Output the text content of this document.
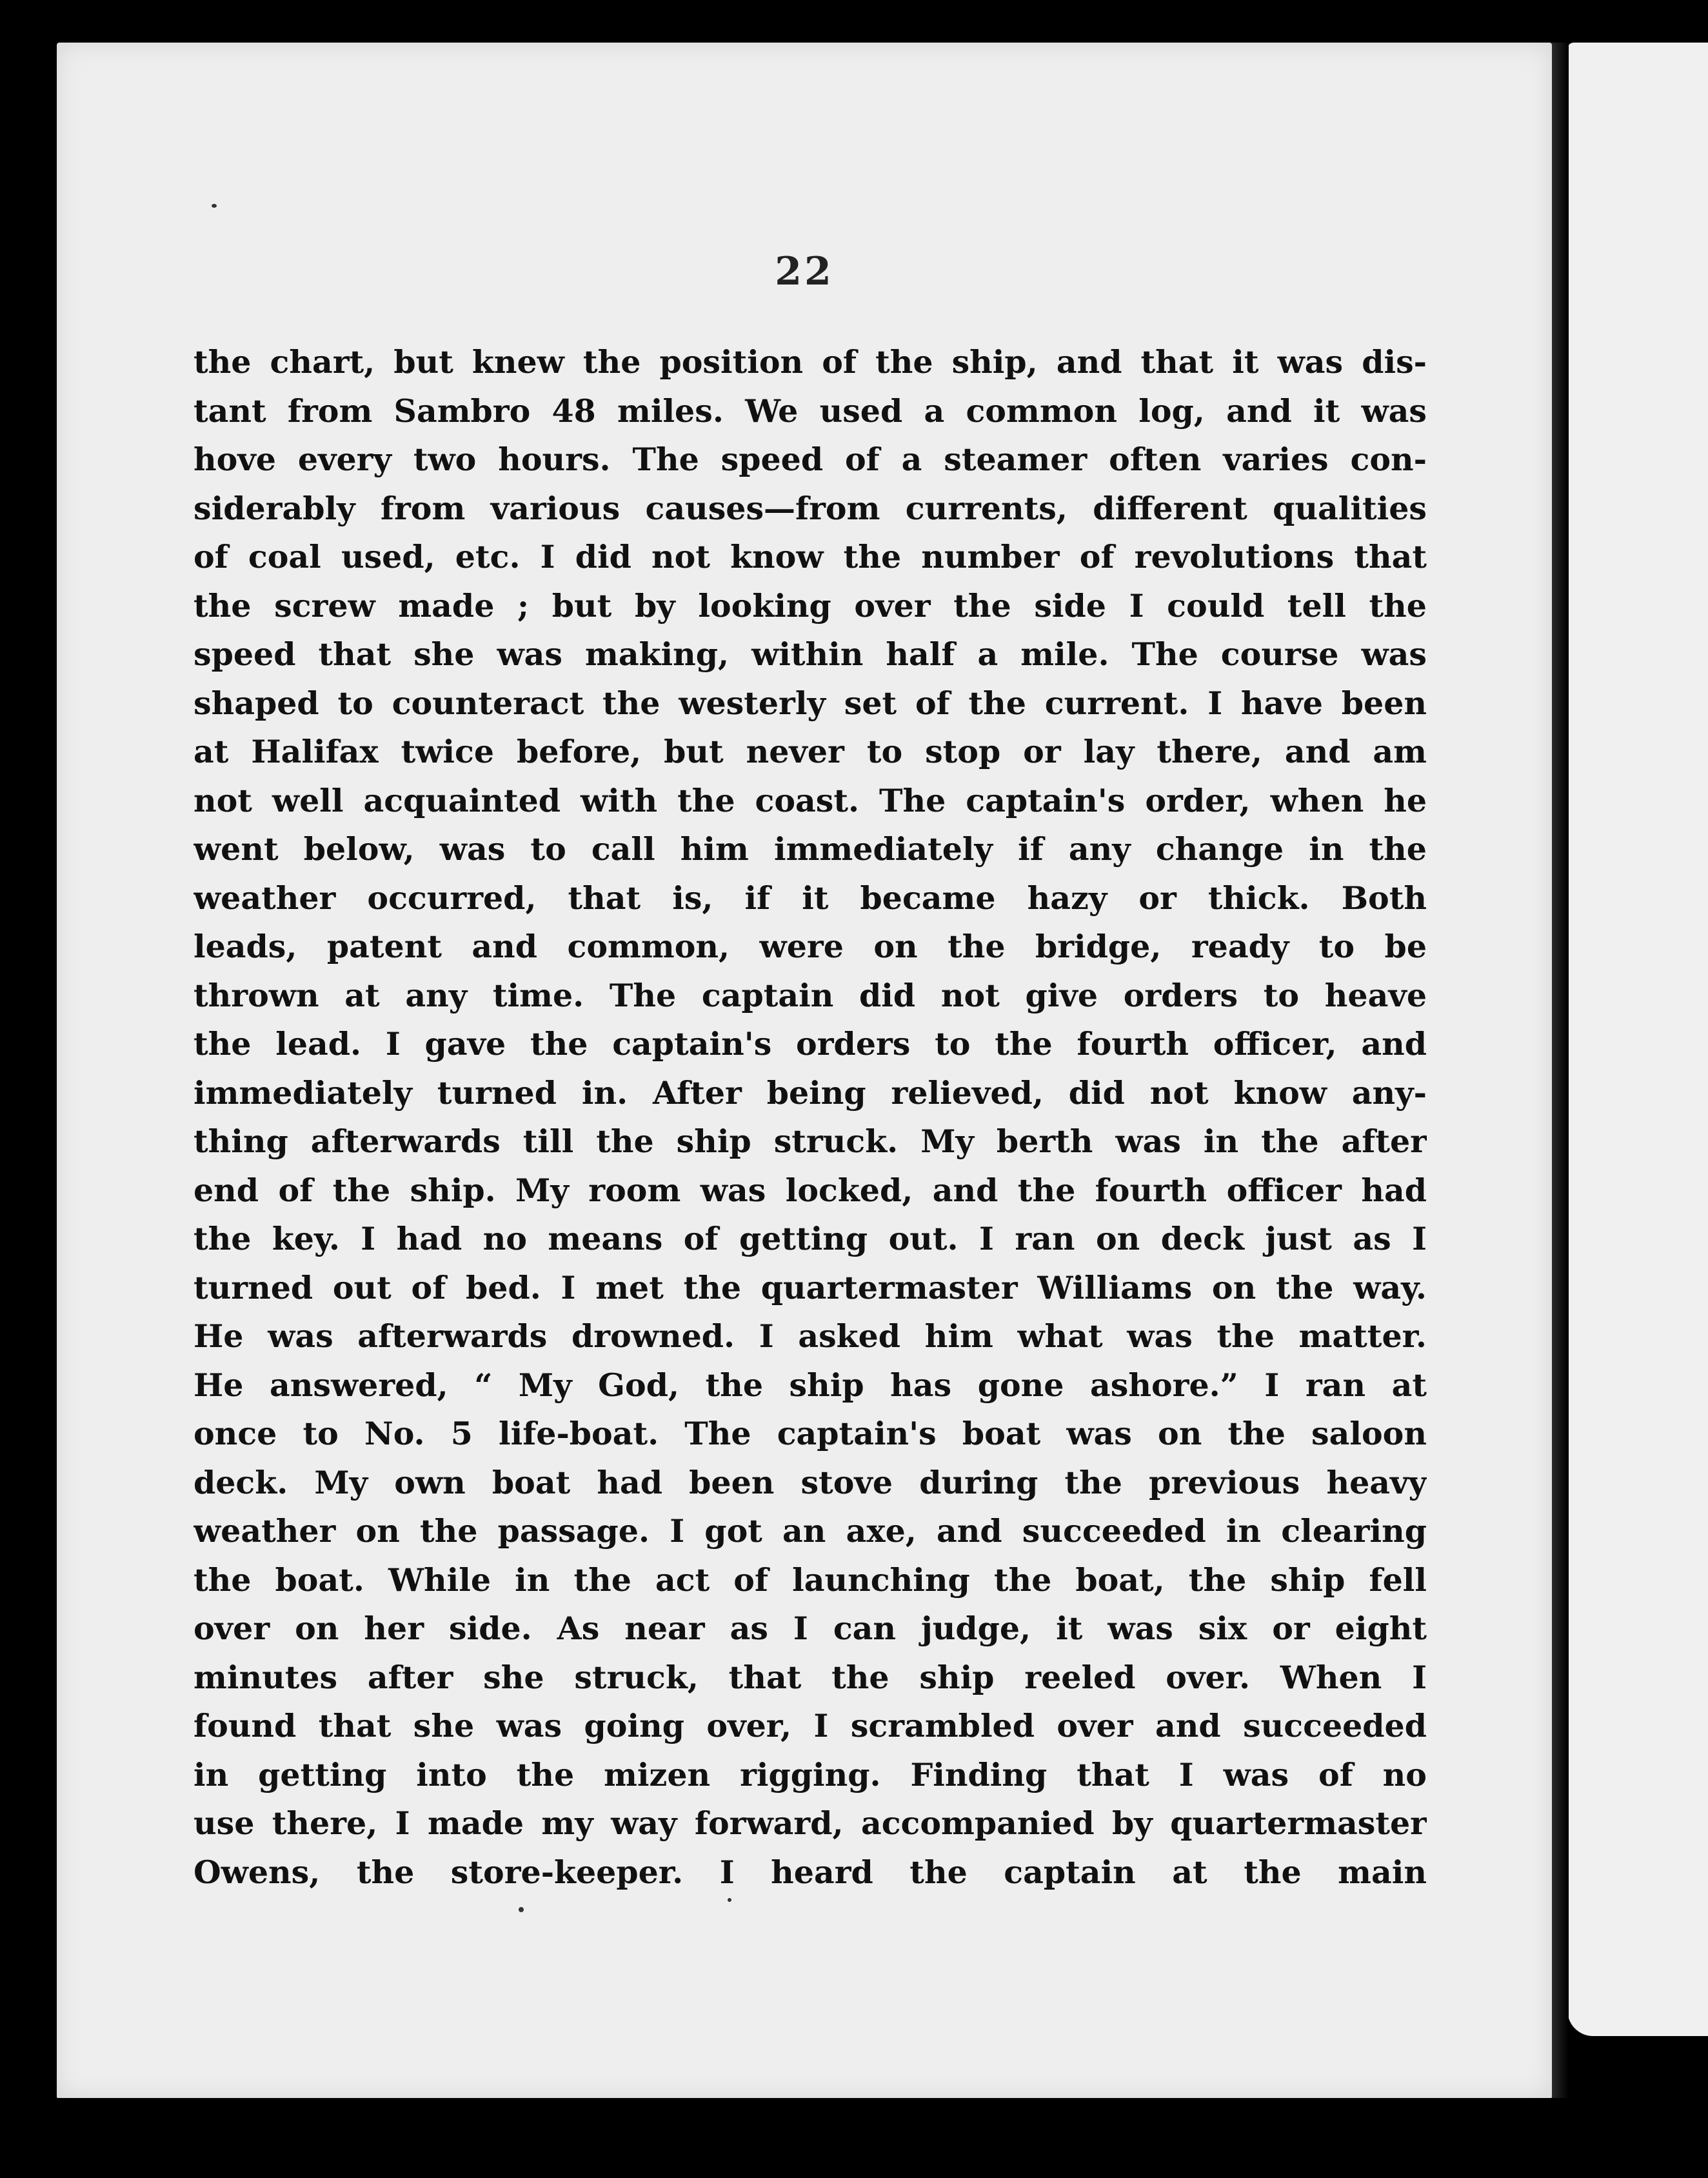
22
the chart, but knew the position of the ship, and that it was dis-
tant from Sambro 48 miles. We used a common log, and it was
hove every two hours. The speed of a steamer often varies con-
siderably from various causes—from currents, different qualities
of coal used, etc. I did not know the number of revolutions that
the screw made ; but by looking over the side I could tell the
speed that she was making, within half a mile. The course was
shaped to counteract the westerly set of the current. I have been
at Halifax twice before, but never to stop or lay there, and am
not well acquainted with the coast. The captain's order, when he
went below, was to call him immediately if any change in the
weather occurred, that is, if it became hazy or thick. Both
leads, patent and common, were on the bridge, ready to be
thrown at any time. The captain did not give orders to heave
the lead. I gave the captain's orders to the fourth officer, and
immediately turned in. After being relieved, did not know any-
thing afterwards till the ship struck. My berth was in the after
end of the ship. My room was locked, and the fourth officer had
the key. I had no means of getting out. I ran on deck just as I
turned out of bed. I met the quartermaster Williams on the way.
He was afterwards drowned. I asked him what was the matter.
He answered, “ My God, the ship has gone ashore.” I ran at
once to No. 5 life-boat. The captain's boat was on the saloon
deck. My own boat had been stove during the previous heavy
weather on the passage. I got an axe, and succeeded in clearing
the boat. While in the act of launching the boat, the ship fell
over on her side. As near as I can judge, it was six or eight
minutes after she struck, that the ship reeled over. When I
found that she was going over, I scrambled over and succeeded
in getting into the mizen rigging. Finding that I was of no
use there, I made my way forward, accompanied by quartermaster
Owens, the store-keeper. I heard the captain at the main
